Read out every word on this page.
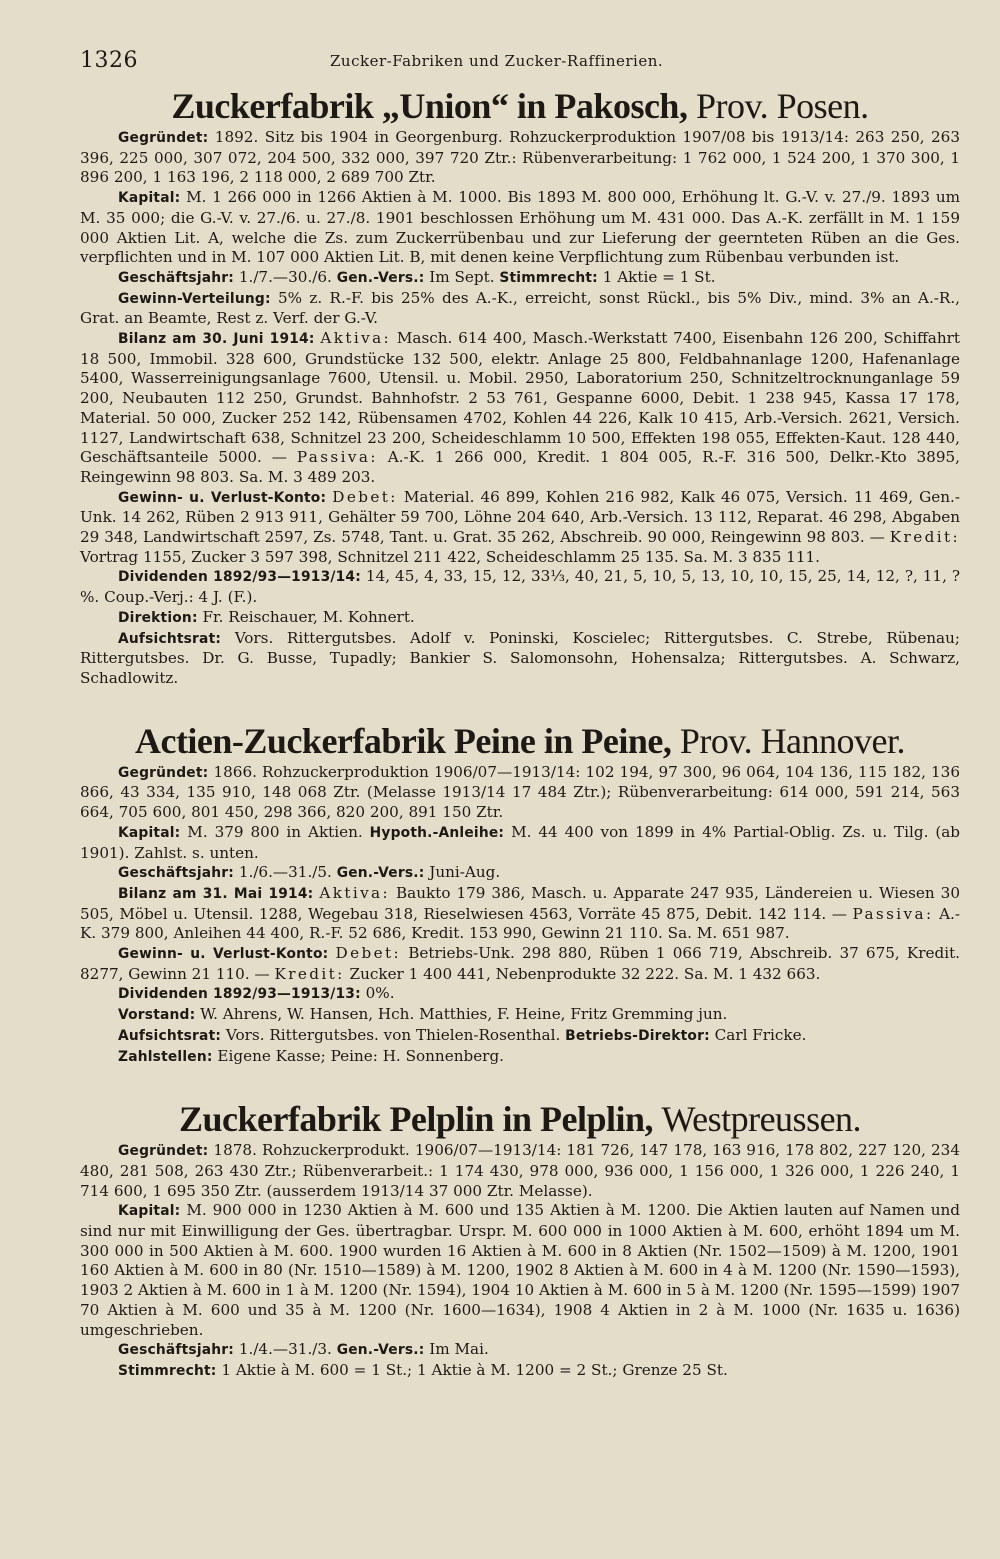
1326	Zucker-Fabriken und Zucker-Raffinerien.
Zuckerfabrik „Union“ in Pakosch, Prov. Posen.

Gegründet: 1892. Sitz bis 1904 in Georgenburg. Rohzuckerproduktion 1907/08 bis 1913/14: 263 250, 263 396, 225 000, 307 072, 204 500, 332 000, 397 720 Ztr.: Rübenverarbeitung: 1 762 000, 1 524 200, 1 370 300, 1 896 200, 1 163 196, 2 118 000, 2 689 700 Ztr.

Kapital: M. 1 266 000 in 1266 Aktien à M. 1000. Bis 1893 M. 800 000, Erhöhung lt. G.-V. v. 27./9. 1893 um M. 35 000; die G.-V. v. 27./6. u. 27./8. 1901 beschlossen Erhöhung um M. 431 000. Das A.-K. zerfällt in M. 1 159 000 Aktien Lit. A, welche die Zs. zum Zuckerrübenbau und zur Lieferung der geernteten Rüben an die Ges. verpflichten und in M. 107 000 Aktien Lit. B, mit denen keine Verpflichtung zum Rübenbau verbunden ist.

Geschäftsjahr: 1./7.—30./6. Gen.-Vers.: Im Sept. Stimmrecht: 1 Aktie = 1 St.

Gewinn-Verteilung: 5% z. R.-F. bis 25% des A.-K., erreicht, sonst Rückl., bis 5% Div., mind. 3% an A.-R., Grat. an Beamte, Rest z. Verf. der G.-V.

Bilanz am 30. Juni 1914: Aktiva: Masch. 614 400, Masch.-Werkstatt 7400, Eisenbahn 126 200, Schiffahrt 18 500, Immobil. 328 600, Grundstücke 132 500, elektr. Anlage 25 800, Feldbahnanlage 1200, Hafenanlage 5400, Wasserreinigungsanlage 7600, Utensil. u. Mobil. 2950, Laboratorium 250, Schnitzeltrocknunganlage 59 200, Neubauten 112 250, Grundst. Bahnhofstr. 2 53 761, Gespanne 6000, Debit. 1 238 945, Kassa 17 178, Material. 50 000, Zucker 252 142, Rübensamen 4702, Kohlen 44 226, Kalk 10 415, Arb.-Versich. 2621, Versich. 1127, Landwirtschaft 638, Schnitzel 23 200, Scheideschlamm 10 500, Effekten 198 055, Effekten-Kaut. 128 440, Geschäftsanteile 5000. — Passiva: A.-K. 1 266 000, Kredit. 1 804 005, R.-F. 316 500, Delkr.-Kto 3895, Reingewinn 98 803. Sa. M. 3 489 203.

Gewinn- u. Verlust-Konto: Debet: Material. 46 899, Kohlen 216 982, Kalk 46 075, Versich. 11 469, Gen.-Unk. 14 262, Rüben 2 913 911, Gehälter 59 700, Löhne 204 640, Arb.-Versich. 13 112, Reparat. 46 298, Abgaben 29 348, Landwirtschaft 2597, Zs. 5748, Tant. u. Grat. 35 262, Abschreib. 90 000, Reingewinn 98 803. — Kredit: Vortrag 1155, Zucker 3 597 398, Schnitzel 211 422, Scheideschlamm 25 135. Sa. M. 3 835 111.

Dividenden 1892/93—1913/14: 14, 45, 4, 33, 15, 12, 33⅓, 40, 21, 5, 10, 5, 13, 10, 10, 15, 25, 14, 12, ?, 11, ? %. Coup.-Verj.: 4 J. (F.).

Direktion: Fr. Reischauer, M. Kohnert.

Aufsichtsrat: Vors. Rittergutsbes. Adolf v. Poninski, Koscielec; Rittergutsbes. C. Strebe, Rübenau; Rittergutsbes. Dr. G. Busse, Tupadly; Bankier S. Salomonsohn, Hohensalza; Rittergutsbes. A. Schwarz, Schadlowitz.

Actien-Zuckerfabrik Peine in Peine, Prov. Hannover.

Gegründet: 1866. Rohzuckerproduktion 1906/07—1913/14: 102 194, 97 300, 96 064, 104 136, 115 182, 136 866, 43 334, 135 910, 148 068 Ztr. (Melasse 1913/14 17 484 Ztr.); Rübenverarbeitung: 614 000, 591 214, 563 664, 705 600, 801 450, 298 366, 820 200, 891 150 Ztr.

Kapital: M. 379 800 in Aktien. Hypoth.-Anleihe: M. 44 400 von 1899 in 4% Partial-Oblig. Zs. u. Tilg. (ab 1901). Zahlst. s. unten.

Geschäftsjahr: 1./6.—31./5. Gen.-Vers.: Juni-Aug.

Bilanz am 31. Mai 1914: Aktiva: Baukto 179 386, Masch. u. Apparate 247 935, Ländereien u. Wiesen 30 505, Möbel u. Utensil. 1288, Wegebau 318, Rieselwiesen 4563, Vorräte 45 875, Debit. 142 114. — Passiva: A.-K. 379 800, Anleihen 44 400, R.-F. 52 686, Kredit. 153 990, Gewinn 21 110. Sa. M. 651 987.

Gewinn- u. Verlust-Konto: Debet: Betriebs-Unk. 298 880, Rüben 1 066 719, Abschreib. 37 675, Kredit. 8277, Gewinn 21 110. — Kredit: Zucker 1 400 441, Nebenprodukte 32 222. Sa. M. 1 432 663.

Dividenden 1892/93—1913/13: 0%.

Vorstand: W. Ahrens, W. Hansen, Hch. Matthies, F. Heine, Fritz Gremming jun.

Aufsichtsrat: Vors. Rittergutsbes. von Thielen-Rosenthal. Betriebs-Direktor: Carl Fricke.

Zahlstellen: Eigene Kasse; Peine: H. Sonnenberg.

Zuckerfabrik Pelplin in Pelplin, Westpreussen.

Gegründet: 1878. Rohzuckerprodukt. 1906/07—1913/14: 181 726, 147 178, 163 916, 178 802, 227 120, 234 480, 281 508, 263 430 Ztr.; Rübenverarbeit.: 1 174 430, 978 000, 936 000, 1 156 000, 1 326 000, 1 226 240, 1 714 600, 1 695 350 Ztr. (ausserdem 1913/14 37 000 Ztr. Melasse).

Kapital: M. 900 000 in 1230 Aktien à M. 600 und 135 Aktien à M. 1200. Die Aktien lauten auf Namen und sind nur mit Einwilligung der Ges. übertragbar. Urspr. M. 600 000 in 1000 Aktien à M. 600, erhöht 1894 um M. 300 000 in 500 Aktien à M. 600. 1900 wurden 16 Aktien à M. 600 in 8 Aktien (Nr. 1502—1509) à M. 1200, 1901 160 Aktien à M. 600 in 80 (Nr. 1510—1589) à M. 1200, 1902 8 Aktien à M. 600 in 4 à M. 1200 (Nr. 1590—1593), 1903 2 Aktien à M. 600 in 1 à M. 1200 (Nr. 1594), 1904 10 Aktien à M. 600 in 5 à M. 1200 (Nr. 1595—1599) 1907 70 Aktien à M. 600 und 35 à M. 1200 (Nr. 1600—1634), 1908 4 Aktien in 2 à M. 1000 (Nr. 1635 u. 1636) umgeschrieben.

Geschäftsjahr: 1./4.—31./3. Gen.-Vers.: Im Mai.

Stimmrecht: 1 Aktie à M. 600 = 1 St.; 1 Aktie à M. 1200 = 2 St.; Grenze 25 St.
